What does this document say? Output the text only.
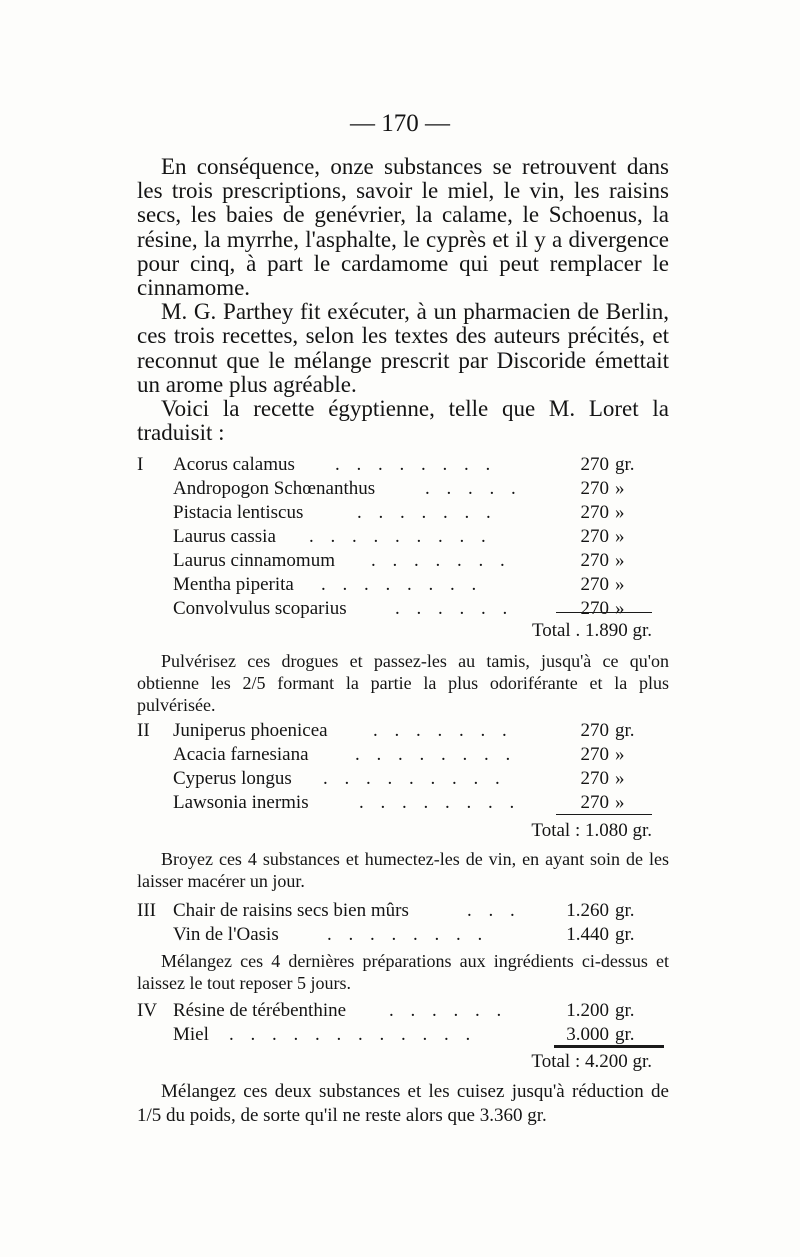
— 170 —

En conséquence, onze substances se retrouvent dans les trois prescriptions, savoir le miel, le vin, les raisins secs, les baies de genévrier, la calame, le Schoenus, la résine, la myrrhe, l'asphalte, le cyprès et il y a divergence pour cinq, à part le cardamome qui peut remplacer le cinnamome.

M. G. Parthey fit exécuter, à un pharmacien de Berlin, ces trois recettes, selon les textes des auteurs précités, et reconnut que le mélange prescrit par Discoride émettait un arome plus agréable.

Voici la recette égyptienne, telle que M. Loret la traduisit :

I	Acorus calamus . . . . . . . .	270 gr.
Andropogon Schœnanthus	. . . . .	270 »
Pistacia lentiscus	. . . . . . .	270 »
Laurus cassia . . . . . . . . .	270 »
Laurus cinnamomum . . . . . . .	270 »
Mentha piperita . . . . . . . .	270 »
Convolvulus scoparius	. . . . . .	270 »
Total . 1.890 gr.

Pulvérisez ces drogues et passez-les au tamis, jusqu'à ce qu'on obtienne les 2/5 formant la partie la plus odoriférante et la plus pulvérisée.

II	Juniperus phoenicea . . . . . . .	270 gr.
Acacia farnesiana . . . . . . . .	270 »
Cyperus longus . . . . . . . . .	270 »
Lawsonia inermis	. . . . . . . .	270 »
Total : 1.080 gr.

Broyez ces 4 substances et humectez-les de vin, en ayant soin de les laisser macérer un jour.

III Chair de raisins secs bien mûrs	. . .	1.260 gr.
Vin de l'Oasis	. . . . . . . .	1.440 gr.

Mélangez ces 4 dernières préparations aux ingrédients ci-dessus et laissez le tout reposer 5 jours.

IV Résine de térébenthine . . . . . .	1.200 gr.
Miel . . . . . . . . . . . .	3.000 gr.
Total : 4.200 gr.

Mélangez ces deux substances et les cuisez jusqu'à réduction de 1/5 du poids, de sorte qu'il ne reste alors que 3.360 gr.
